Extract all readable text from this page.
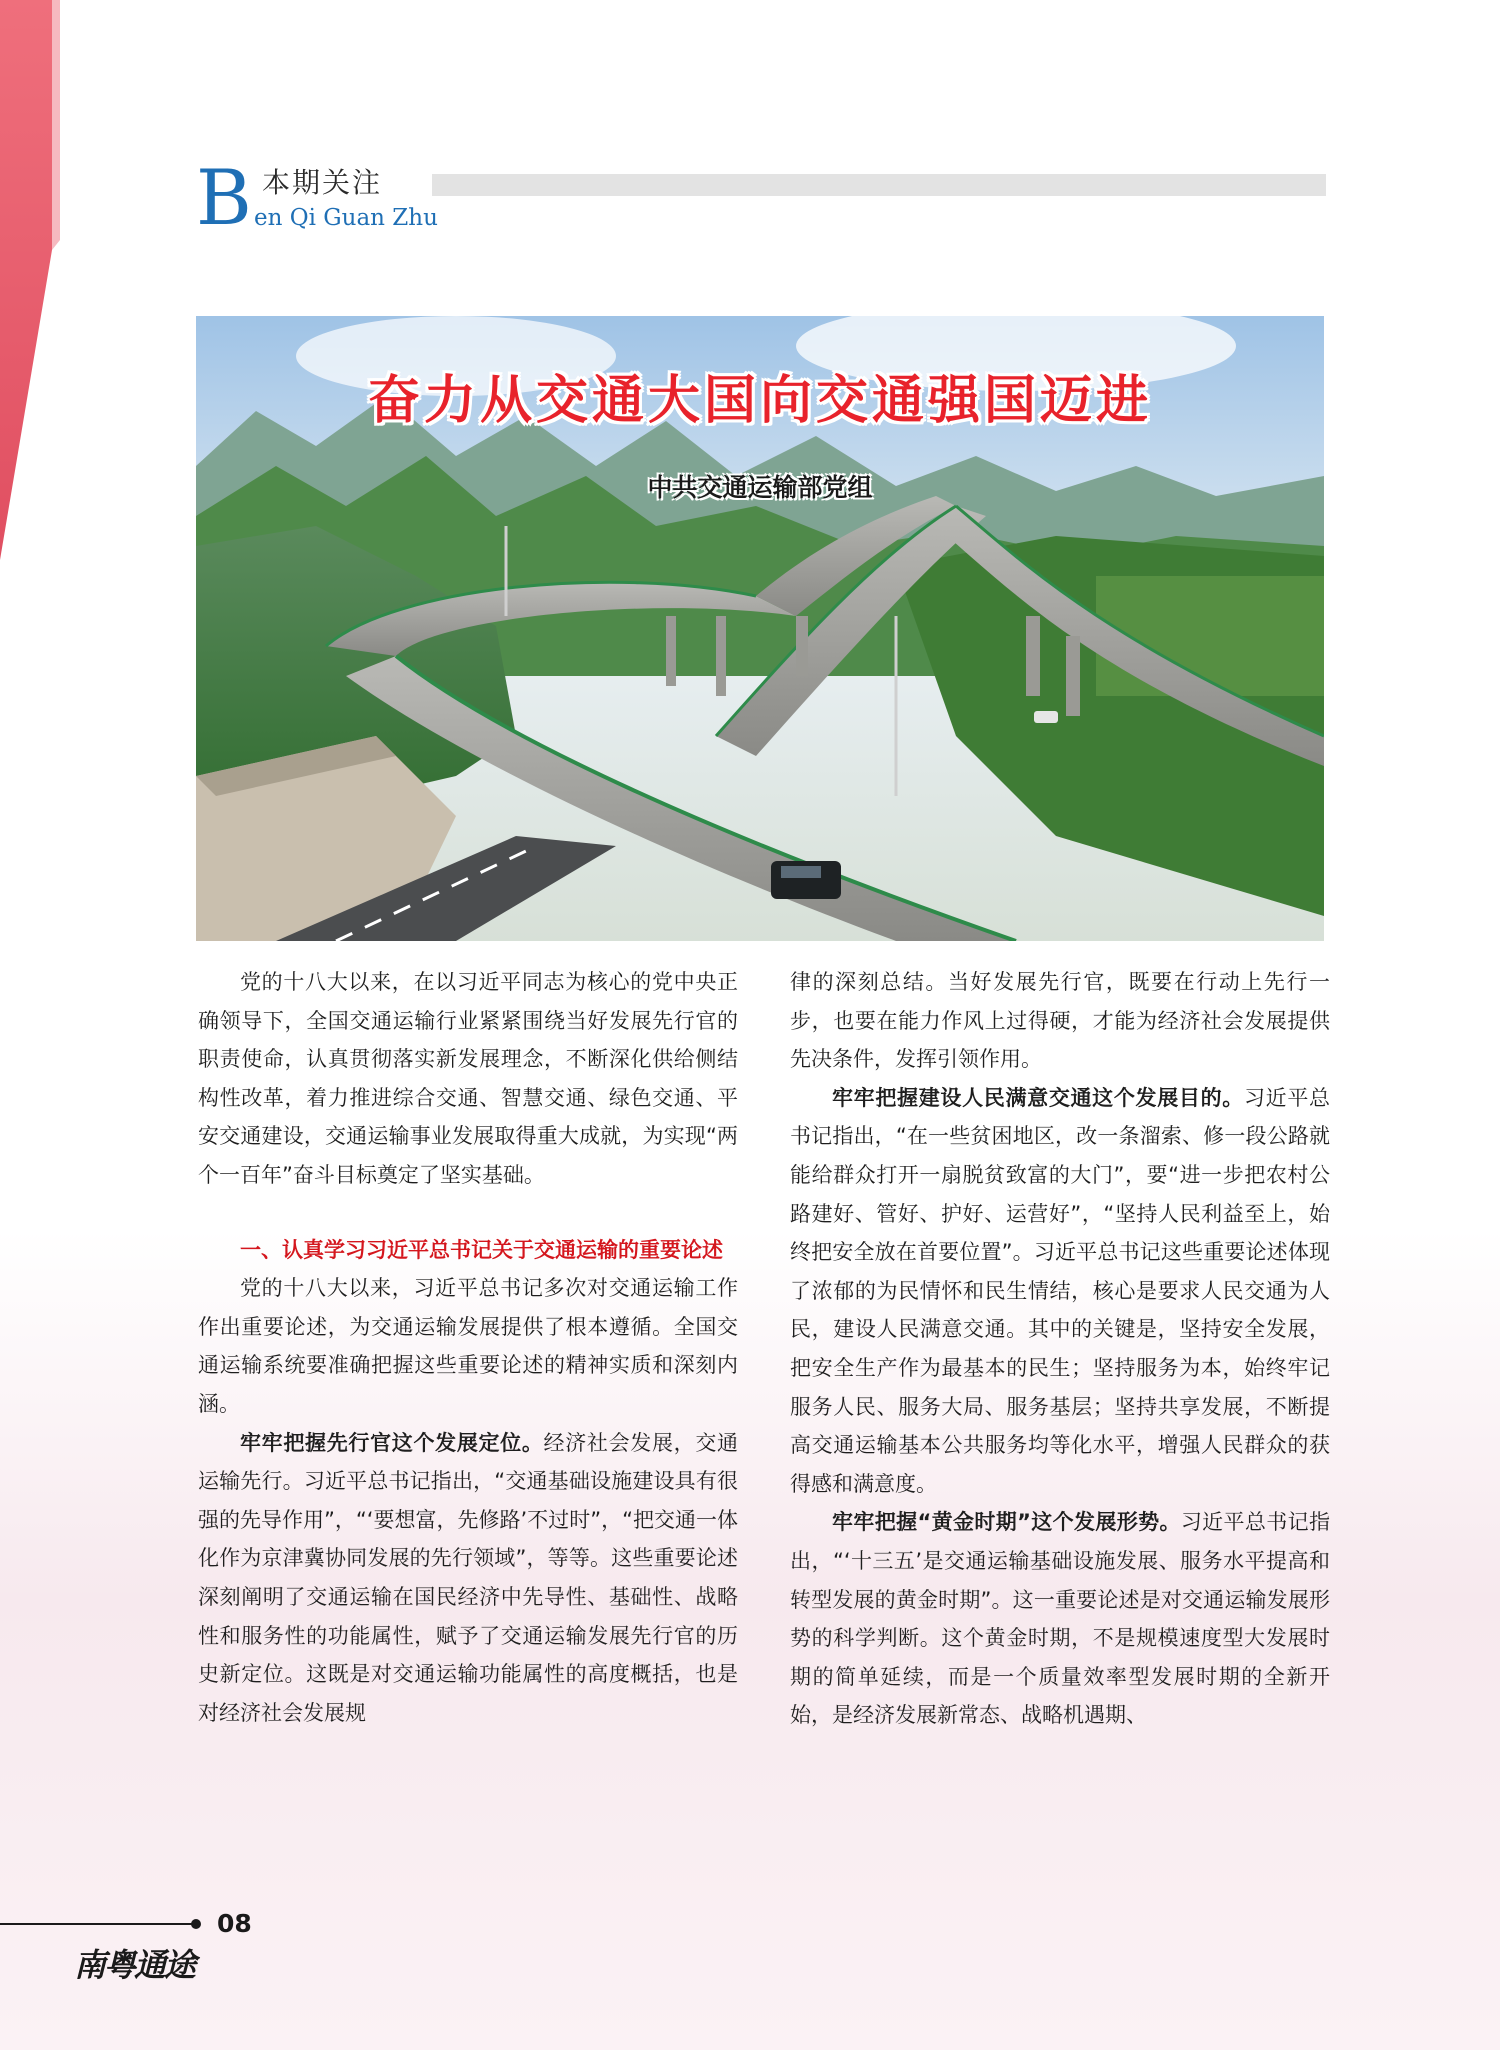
B 本期关注
en Qi Guan Zhu
奋力从交通大国向交通强国迈进
中共交通运输部党组

党的十八大以来，在以习近平同志为核心的党中央正确领导下，全国交通运输行业紧紧围绕当好发展先行官的职责使命，认真贯彻落实新发展理念，不断深化供给侧结构性改革，着力推进综合交通、智慧交通、绿色交通、平安交通建设，交通运输事业发展取得重大成就，为实现“两个一百年”奋斗目标奠定了坚实基础。

一、认真学习习近平总书记关于交通运输的重要论述

党的十八大以来，习近平总书记多次对交通运输工作作出重要论述，为交通运输发展提供了根本遵循。全国交通运输系统要准确把握这些重要论述的精神实质和深刻内涵。

牢牢把握先行官这个发展定位。经济社会发展，交通运输先行。习近平总书记指出，“交通基础设施建设具有很强的先导作用”，“‘要想富，先修路’不过时”，“把交通一体化作为京津冀协同发展的先行领域”，等等。这些重要论述深刻阐明了交通运输在国民经济中先导性、基础性、战略性和服务性的功能属性，赋予了交通运输发展先行官的历史新定位。这既是对交通运输功能属性的高度概括，也是对经济社会发展规

律的深刻总结。当好发展先行官，既要在行动上先行一步，也要在能力作风上过得硬，才能为经济社会发展提供先决条件，发挥引领作用。

牢牢把握建设人民满意交通这个发展目的。习近平总书记指出，“在一些贫困地区，改一条溜索、修一段公路就能给群众打开一扇脱贫致富的大门”，要“进一步把农村公路建好、管好、护好、运营好”，“坚持人民利益至上，始终把安全放在首要位置”。习近平总书记这些重要论述体现了浓郁的为民情怀和民生情结，核心是要求人民交通为人民，建设人民满意交通。其中的关键是，坚持安全发展，把安全生产作为最基本的民生；坚持服务为本，始终牢记服务人民、服务大局、服务基层；坚持共享发展，不断提高交通运输基本公共服务均等化水平，增强人民群众的获得感和满意度。

牢牢把握“黄金时期”这个发展形势。习近平总书记指出，“‘十三五’是交通运输基础设施发展、服务水平提高和转型发展的黄金时期”。这一重要论述是对交通运输发展形势的科学判断。这个黄金时期，不是规模速度型大发展时期的简单延续，而是一个质量效率型发展时期的全新开始，是经济发展新常态、战略机遇期、

08
南粤通途
